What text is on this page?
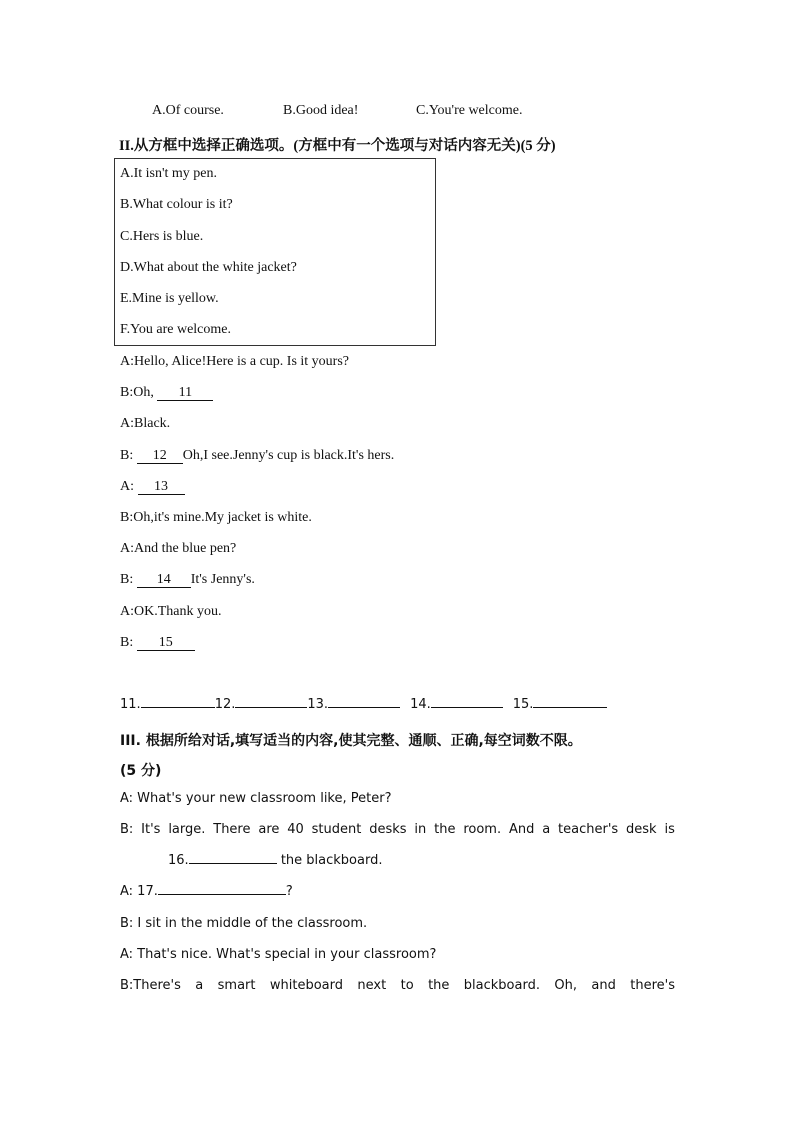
A.Of course.	B.Good idea!	C.You're welcome.
II.从方框中选择正确选项。(方框中有一个选项与对话内容无关)(5 分)
A.It isn't my pen.
B.What colour is it?
C.Hers is blue.
D.What about the white jacket?
E.Mine is yellow.
F.You are welcome.
A:Hello, Alice!Here is a cup. Is it yours?
B:Oh, 11
A:Black.
B: 12 Oh,I see.Jenny's cup is black.It's hers.
A: 13
B:Oh,it's mine.My jacket is white.
A:And the blue pen?
B: 14 It's Jenny's.
A:OK.Thank you.
B: 15
11.	12.	13.	14.	15.
III. 根据所给对话,填写适当的内容,使其完整、通顺、正确,每空词数不限。
(5 分)
A: What's your new classroom like, Peter?
B: It's large. There are 40 student desks in the room. And a teacher's desk is
16.	the blackboard.
A: 17.	?
B: I sit in the middle of the classroom.
A: That's nice. What's special in your classroom?
B:There's a smart whiteboard next to the blackboard. Oh, and there's
